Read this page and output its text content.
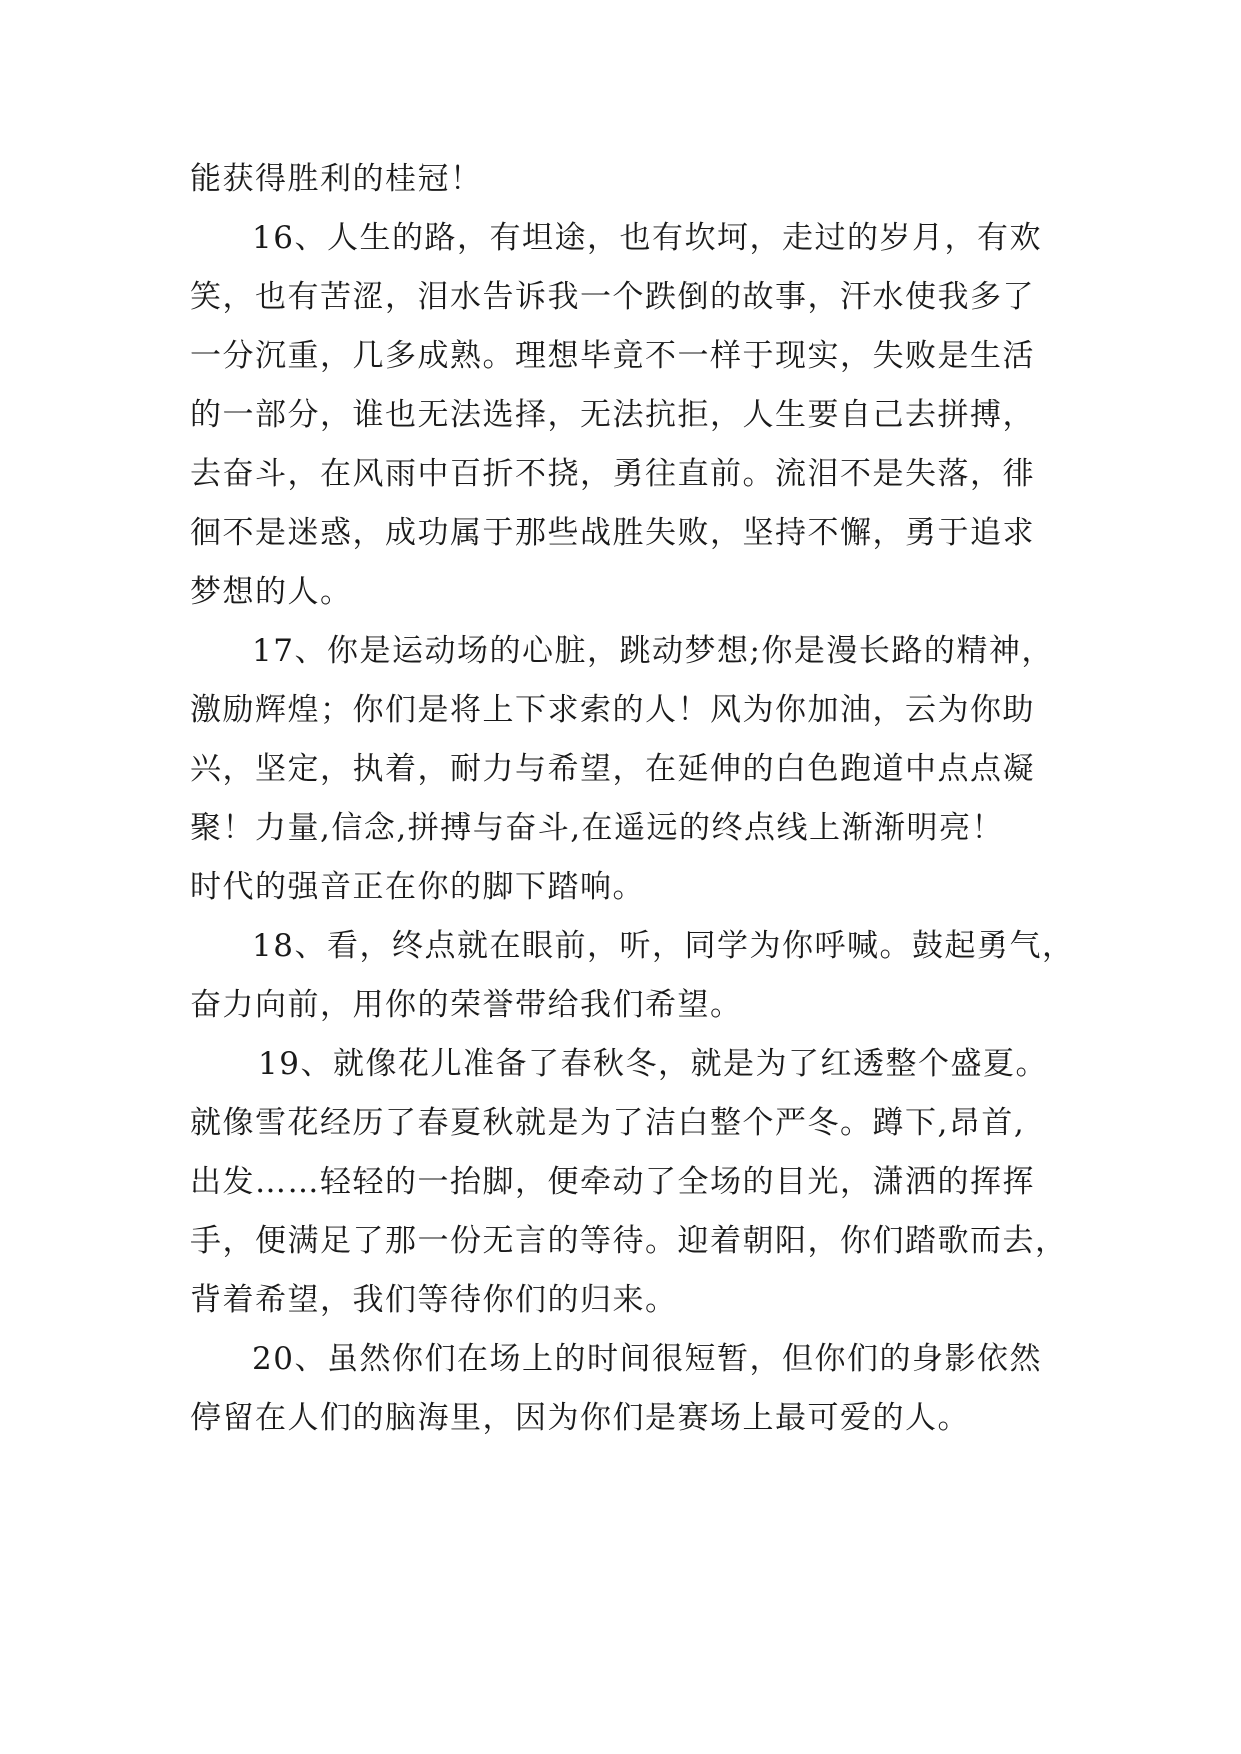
能获得胜利的桂冠！
16、人生的路，有坦途，也有坎坷，走过的岁月，有欢
笑，也有苦涩，泪水告诉我一个跌倒的故事，汗水使我多了
一分沉重，几多成熟。理想毕竟不一样于现实，失败是生活
的一部分，谁也无法选择，无法抗拒，人生要自己去拼搏，
去奋斗，在风雨中百折不挠，勇往直前。流泪不是失落，徘
徊不是迷惑，成功属于那些战胜失败，坚持不懈，勇于追求
梦想的人。
17、你是运动场的心脏，跳动梦想;你是漫长路的精神，
激励辉煌；你们是将上下求索的人！风为你加油，云为你助
兴，坚定，执着，耐力与希望，在延伸的白色跑道中点点凝
聚！力量,信念,拼搏与奋斗,在遥远的终点线上渐渐明亮！
时代的强音正在你的脚下踏响。
18、看，终点就在眼前，听，同学为你呼喊。鼓起勇气，
奋力向前，用你的荣誉带给我们希望。
19、就像花儿准备了春秋冬，就是为了红透整个盛夏。
就像雪花经历了春夏秋就是为了洁白整个严冬。蹲下,昂首,
出发……轻轻的一抬脚，便牵动了全场的目光，潇洒的挥挥
手，便满足了那一份无言的等待。迎着朝阳，你们踏歌而去，
背着希望，我们等待你们的归来。
20、虽然你们在场上的时间很短暂，但你们的身影依然
停留在人们的脑海里，因为你们是赛场上最可爱的人。
